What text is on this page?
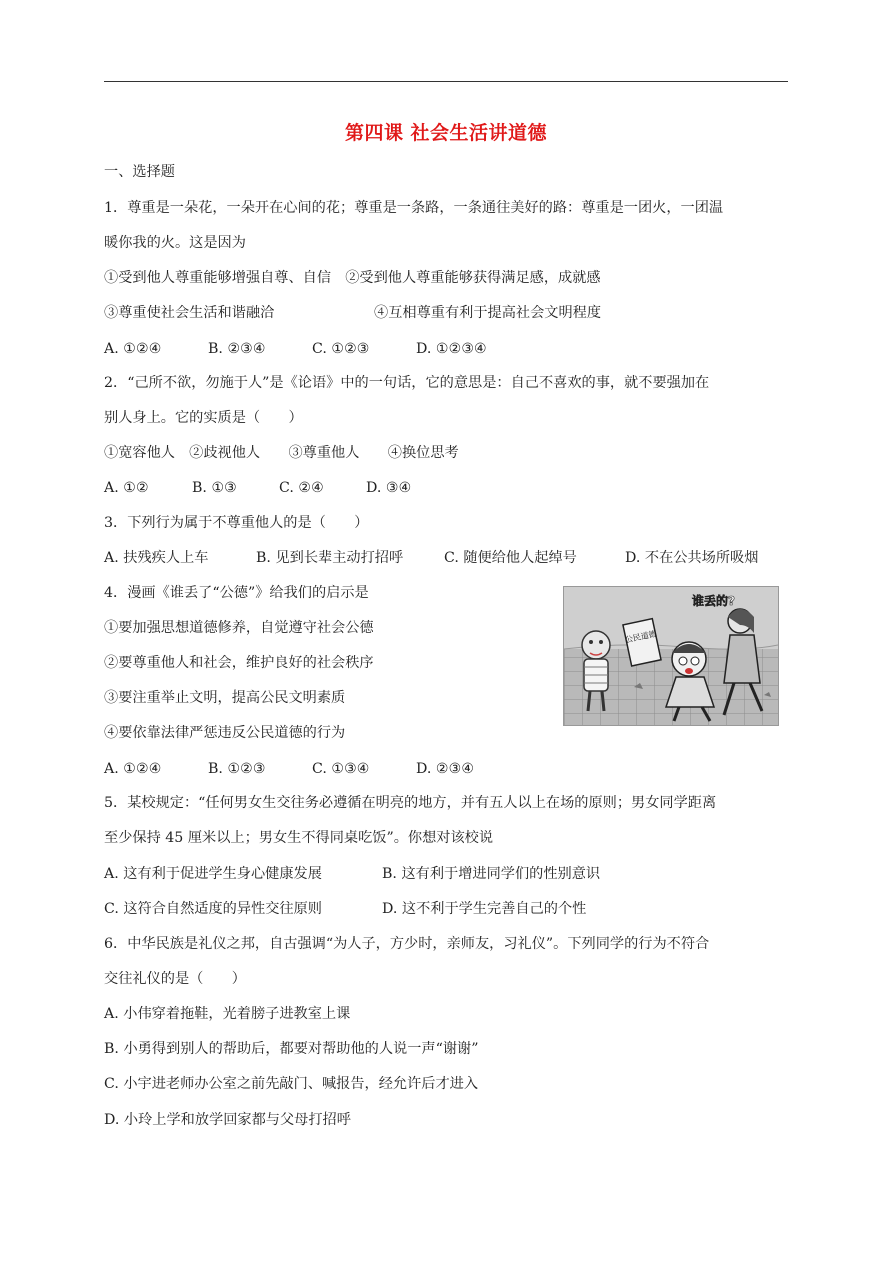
第四课 社会生活讲道德
一、选择题
1．尊重是一朵花，一朵开在心间的花；尊重是一条路，一条通往美好的路：尊重是一团火，一团温
暖你我的火。这是因为
①受到他人尊重能够增强自尊、自信　②受到他人尊重能够获得满足感，成就感
③尊重使社会生活和谐融洽	④互相尊重有利于提高社会文明程度
A. ①②④	B. ②③④	C. ①②③	D. ①②③④
2．“己所不欲，勿施于人”是《论语》中的一句话，它的意思是：自己不喜欢的事，就不要强加在
别人身上。它的实质是（　　）
①宽容他人　②歧视他人　　③尊重他人　　④换位思考
A. ①②	B. ①③	C. ②④	D. ③④
3．下列行为属于不尊重他人的是（　　）
A. 扶残疾人上车	B. 见到长辈主动打招呼	C. 随便给他人起绰号	D. 不在公共场所吸烟
4．漫画《谁丢了“公德”》给我们的启示是
①要加强思想道德修养，自觉遵守社会公德
②要尊重他人和社会，维护良好的社会秩序
③要注重举止文明，提高公民文明素质
④要依靠法律严惩违反公民道德的行为
A. ①②④	B. ①②③	C. ①③④	D. ②③④
公民道德
谁丢的?
5．某校规定：“任何男女生交往务必遵循在明亮的地方，并有五人以上在场的原则；男女同学距离
至少保持 45 厘米以上；男女生不得同桌吃饭”。你想对该校说
A. 这有利于促进学生身心健康发展	B. 这有利于增进同学们的性别意识
C. 这符合自然适度的异性交往原则	D. 这不利于学生完善自己的个性
6．中华民族是礼仪之邦，自古强调“为人子，方少时，亲师友，习礼仪”。下列同学的行为不符合
交往礼仪的是（　　）
A. 小伟穿着拖鞋，光着膀子进教室上课
B. 小勇得到别人的帮助后，都要对帮助他的人说一声“谢谢”
C. 小宇进老师办公室之前先敲门、喊报告，经允许后才进入
D. 小玲上学和放学回家都与父母打招呼
